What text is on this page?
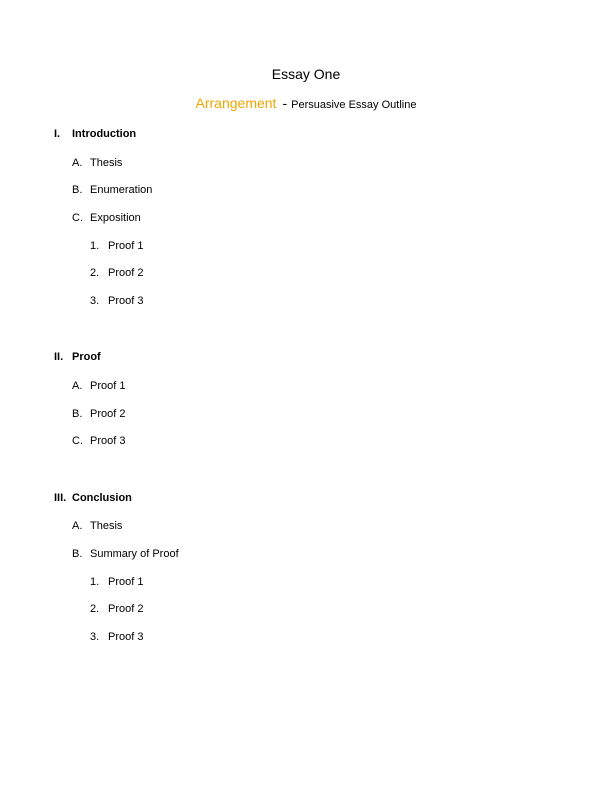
Essay One
Arrangement - Persuasive Essay Outline
I. Introduction
A. Thesis
B. Enumeration
C. Exposition
1. Proof 1
2. Proof 2
3. Proof 3
II. Proof
A. Proof 1
B. Proof 2
C. Proof 3
III. Conclusion
A. Thesis
B. Summary of Proof
1. Proof 1
2. Proof 2
3. Proof 3
